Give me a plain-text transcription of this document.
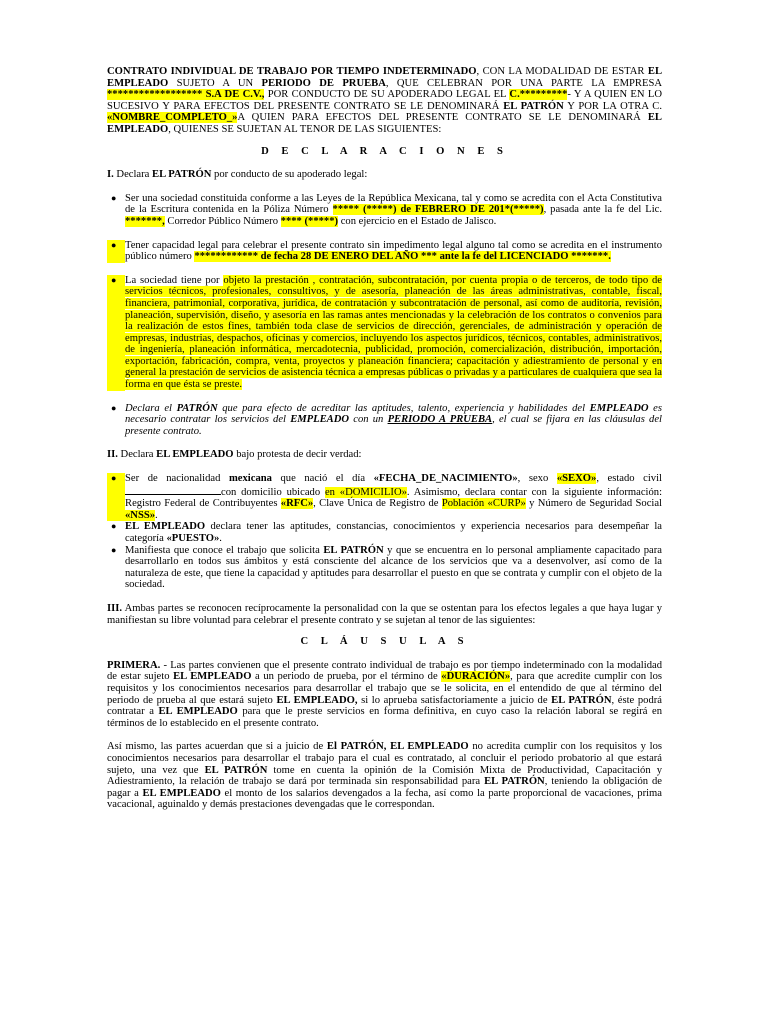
CONTRATO INDIVIDUAL DE TRABAJO POR TIEMPO INDETERMINADO, CON LA MODALIDAD DE ESTAR EL EMPLEADO SUJETO A UN PERIODO DE PRUEBA, QUE CELEBRAN POR UNA PARTE LA EMPRESA ****************** S.A DE C.V., POR CONDUCTO DE SU APODERADO LEGAL EL C.*********- Y A QUIEN EN LO SUCESIVO Y PARA EFECTOS DEL PRESENTE CONTRATO SE LE DENOMINARÁ EL PATRÓN Y POR LA OTRA C. «NOMBRE_COMPLETO_»A QUIEN PARA EFECTOS DEL PRESENTE CONTRATO SE LE DENOMINARÁ EL EMPLEADO, QUIENES SE SUJETAN AL TENOR DE LAS SIGUIENTES:

D E C L A R A C I O N E S

I. Declara EL PATRÓN por conducto de su apoderado legal:

● Ser una sociedad constituida conforme a las Leyes de la República Mexicana, tal y como se acredita con el Acta Constitutiva de la Escritura contenida en la Póliza Número ***** (*****) de FEBRERO DE 201*(*****), pasada ante la fe del Lic. *******, Corredor Público Número **** (*****) con ejercicio en el Estado de Jalisco.
● Tener capacidad legal para celebrar el presente contrato sin impedimento legal alguno tal como se acredita en el instrumento público número ************ de fecha 28 DE ENERO DEL AÑO *** ante la fe del LICENCIADO *******.
● La sociedad tiene por objeto la prestación , contratación, subcontratación, por cuenta propia o de terceros, de todo tipo de servicios técnicos, profesionales, consultivos, y de asesoría, planeación de las áreas administrativas, contable, fiscal, financiera, patrimonial, corporativa, jurídica, de contratación y subcontratación de personal, así como de auditoría, revisión, planeación, supervisión, diseño, y asesoría en las ramas antes mencionadas y la celebración de los contratos o convenios para la realización de estos fines, también toda clase de servicios de dirección, gerenciales, de administración y operación de empresas, industrias, despachos, oficinas y comercios, incluyendo los aspectos jurídicos, técnicos, contables, administrativos, de ingeniería, planeación informática, mercadotecnia, publicidad, promoción, comercialización, distribución, importación, exportación, fabricación, compra, venta, proyectos y planeación financiera; capacitación y adiestramiento de personal y en general la prestación de servicios de asistencia técnica a empresas públicas o privadas y a particulares de cualquiera que sea la forma en que ésta se preste.
● Declara el PATRÓN que para efecto de acreditar las aptitudes, talento, experiencia y habilidades del EMPLEADO es necesario contratar los servicios del EMPLEADO con un PERIODO A PRUEBA, el cual se fijara en las cláusulas del presente contrato.

II. Declara EL EMPLEADO bajo protesta de decir verdad:

● Ser de nacionalidad mexicana que nació el día «FECHA_DE_NACIMIENTO», sexo «SEXO», estado civilcon domicilio ubicado en «DOMICILIO». Asimismo, declara contar con la siguiente información: Registro Federal de Contribuyentes «RFC», Clave Única de Registro de Población «CURP» y Número de Seguridad Social «NSS».
● EL EMPLEADO declara tener las aptitudes, constancias, conocimientos y experiencia necesarios para desempeñar la categoría «PUESTO».
● Manifiesta que conoce el trabajo que solicita EL PATRÓN y que se encuentra en lo personal ampliamente capacitado para desarrollarlo en todos sus ámbitos y está consciente del alcance de los servicios que va a desenvolver, así como de la naturaleza de este, que tiene la capacidad y aptitudes para desarrollar el puesto en que se contrata y cumplir con el objeto de la sociedad.

III. Ambas partes se reconocen recíprocamente la personalidad con la que se ostentan para los efectos legales a que haya lugar y manifiestan su libre voluntad para celebrar el presente contrato y se sujetan al tenor de las siguientes:

C L Á U S U L A S

PRIMERA. - Las partes convienen que el presente contrato individual de trabajo es por tiempo indeterminado con la modalidad de estar sujeto EL EMPLEADO a un periodo de prueba, por el término de «DURACIÓN», para que acredite cumplir con los requisitos y los conocimientos necesarios para desarrollar el trabajo que se le solicita, en el entendido de que al término del periodo de prueba al que estará sujeto EL EMPLEADO, si lo aprueba satisfactoriamente a juicio de EL PATRÓN, éste podrá contratar a EL EMPLEADO para que le preste servicios en forma definitiva, en cuyo caso la relación laboral se regirá en términos de lo establecido en el presente contrato.

Así mismo, las partes acuerdan que si a juicio de El PATRÓN, EL EMPLEADO no acredita cumplir con los requisitos y los conocimientos necesarios para desarrollar el trabajo para el cual es contratado, al concluir el periodo probatorio al que estará sujeto, una vez que EL PATRÓN tome en cuenta la opinión de la Comisión Mixta de Productividad, Capacitación y Adiestramiento, la relación de trabajo se dará por terminada sin responsabilidad para EL PATRÓN, teniendo la obligación de pagar a EL EMPLEADO el monto de los salarios devengados a la fecha, así como la parte proporcional de vacaciones, prima vacacional, aguinaldo y demás prestaciones devengadas que le correspondan.
